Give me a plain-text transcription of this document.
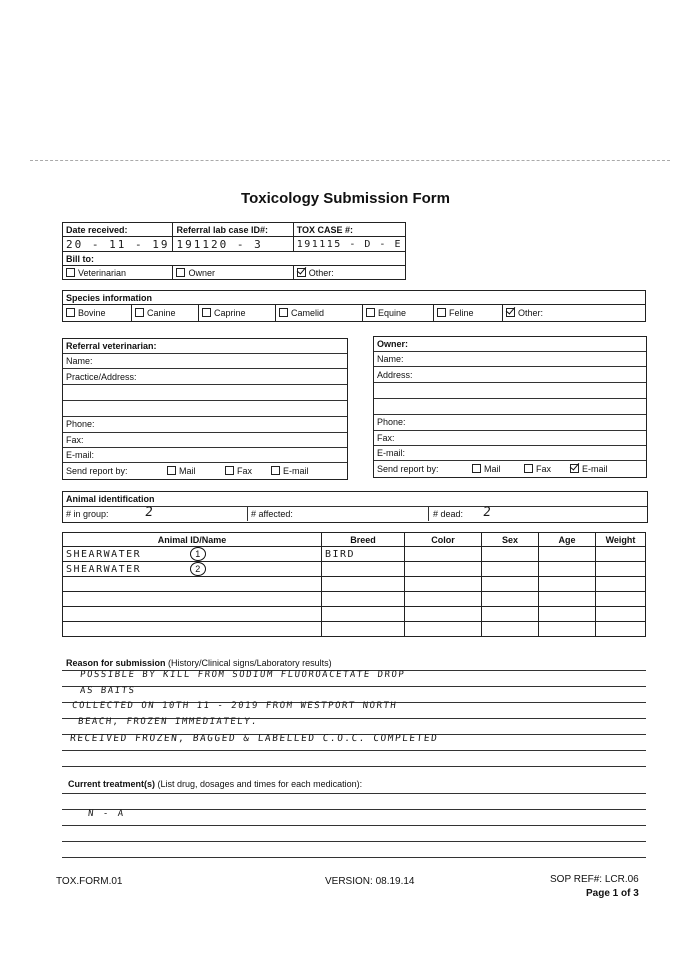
Toxicology Submission Form
Date received:	Referral lab case ID#:	TOX CASE #:
20 - 11 - 19	191120 - 3	191115 - D - E
Bill to:		
Veterinarian	Owner	Other:
Species information
Bovine	Canine	Caprine	Camelid	Equine	Feline	Other:
Referral veterinarian:
Name:
Practice/Address:
Phone:
Fax:
E-mail:
Send report by:	Mail	Fax	E-mail
Owner:
Name:
Address:
Phone:
Fax:
E-mail:
Send report by:	Mail	Fax	E-mail
Animal identification
# in group:	2	# affected:	# dead: 2
Animal ID/Name	Breed	Color	Sex	Age	Weight
SHEARWATER 1	BIRD				
SHEARWATER 2					

Reason for submission (History/Clinical signs/Laboratory results)
POSSIBLE BY KILL FROM SODIUM FLUOROACETATE DROP
AS BAITS
COLLECTED ON 10TH 11 - 2019 FROM WESTPORT NORTH
BEACH, FROZEN IMMEDIATELY.
RECEIVED FROZEN, BAGGED & LABELLED C.O.C. COMPLETED
Current treatment(s) (List drug, dosages and times for each medication):
N - A
TOX.FORM.01	VERSION: 08.19.14	SOP REF#: LCR.06
Page 1 of 3
